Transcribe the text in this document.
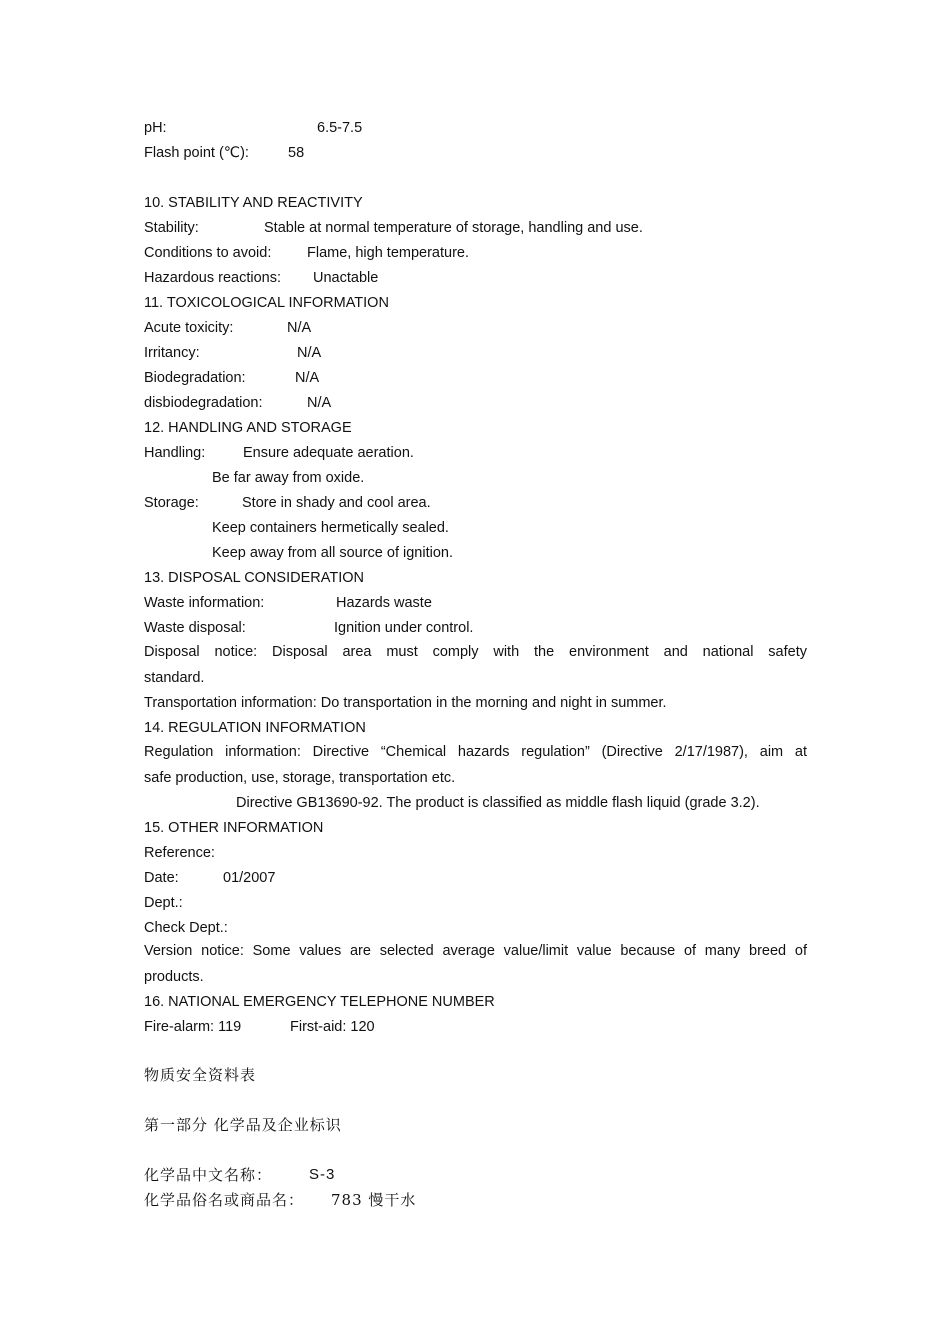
pH:	6.5-7.5
Flash point (℃):	58
10. STABILITY AND REACTIVITY
Stability:	Stable at normal temperature of storage, handling and use.
Conditions to avoid: Flame, high temperature.
Hazardous reactions: Unactable
11. TOXICOLOGICAL INFORMATION
Acute toxicity:	N/A
Irritancy:	N/A
Biodegradation:	N/A
disbiodegradation:	N/A
12. HANDLING AND STORAGE
Handling:	Ensure adequate aeration.
Be far away from oxide.
Storage:	Store in shady and cool area.
Keep containers hermetically sealed.
Keep away from all source of ignition.
13. DISPOSAL CONSIDERATION
Waste information:	Hazards waste
Waste disposal:	Ignition under control.
Disposal notice: Disposal area must comply with the environment and national safety
standard.
Transportation information: Do transportation in the morning and night in summer.
14. REGULATION INFORMATION
Regulation information: Directive “Chemical hazards regulation” (Directive 2/17/1987), aim at
safe production, use, storage, transportation etc.
Directive GB13690-92. The product is classified as middle flash liquid (grade 3.2).
15. OTHER INFORMATION
Reference:
Date:	01/2007
Dept.:
Check Dept.:
Version notice: Some values are selected average value/limit value because of many breed of
products.
16. NATIONAL EMERGENCY TELEPHONE NUMBER
Fire-alarm: 119	First-aid: 120
物质安全资料表
第一部分 化学品及企业标识
化学品中文名称： S-3
化学品俗名或商品名： 783 慢干水
